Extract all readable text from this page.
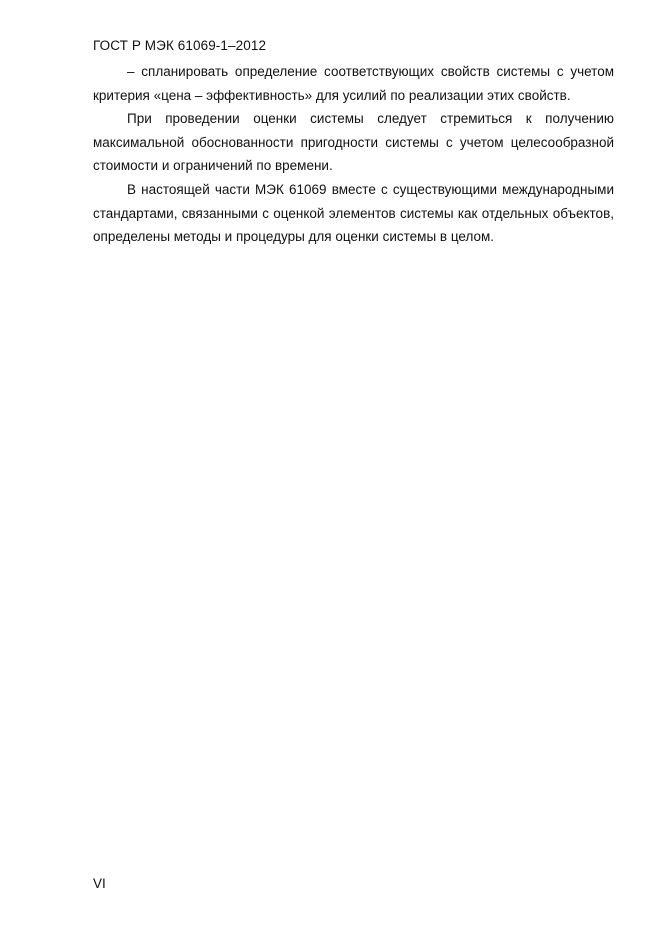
ГОСТ Р МЭК 61069-1–2012

– спланировать определение соответствующих свойств системы с учетом критерия «цена – эффективность» для усилий по реализации этих свойств.

При проведении оценки системы следует стремиться к получению максимальной обоснованности пригодности системы с учетом целесообразной стоимости и ограничений по времени.

В настоящей части МЭК 61069 вместе с существующими международными стандартами, связанными с оценкой элементов системы как отдельных объектов, определены методы и процедуры для оценки системы в целом.

VI
